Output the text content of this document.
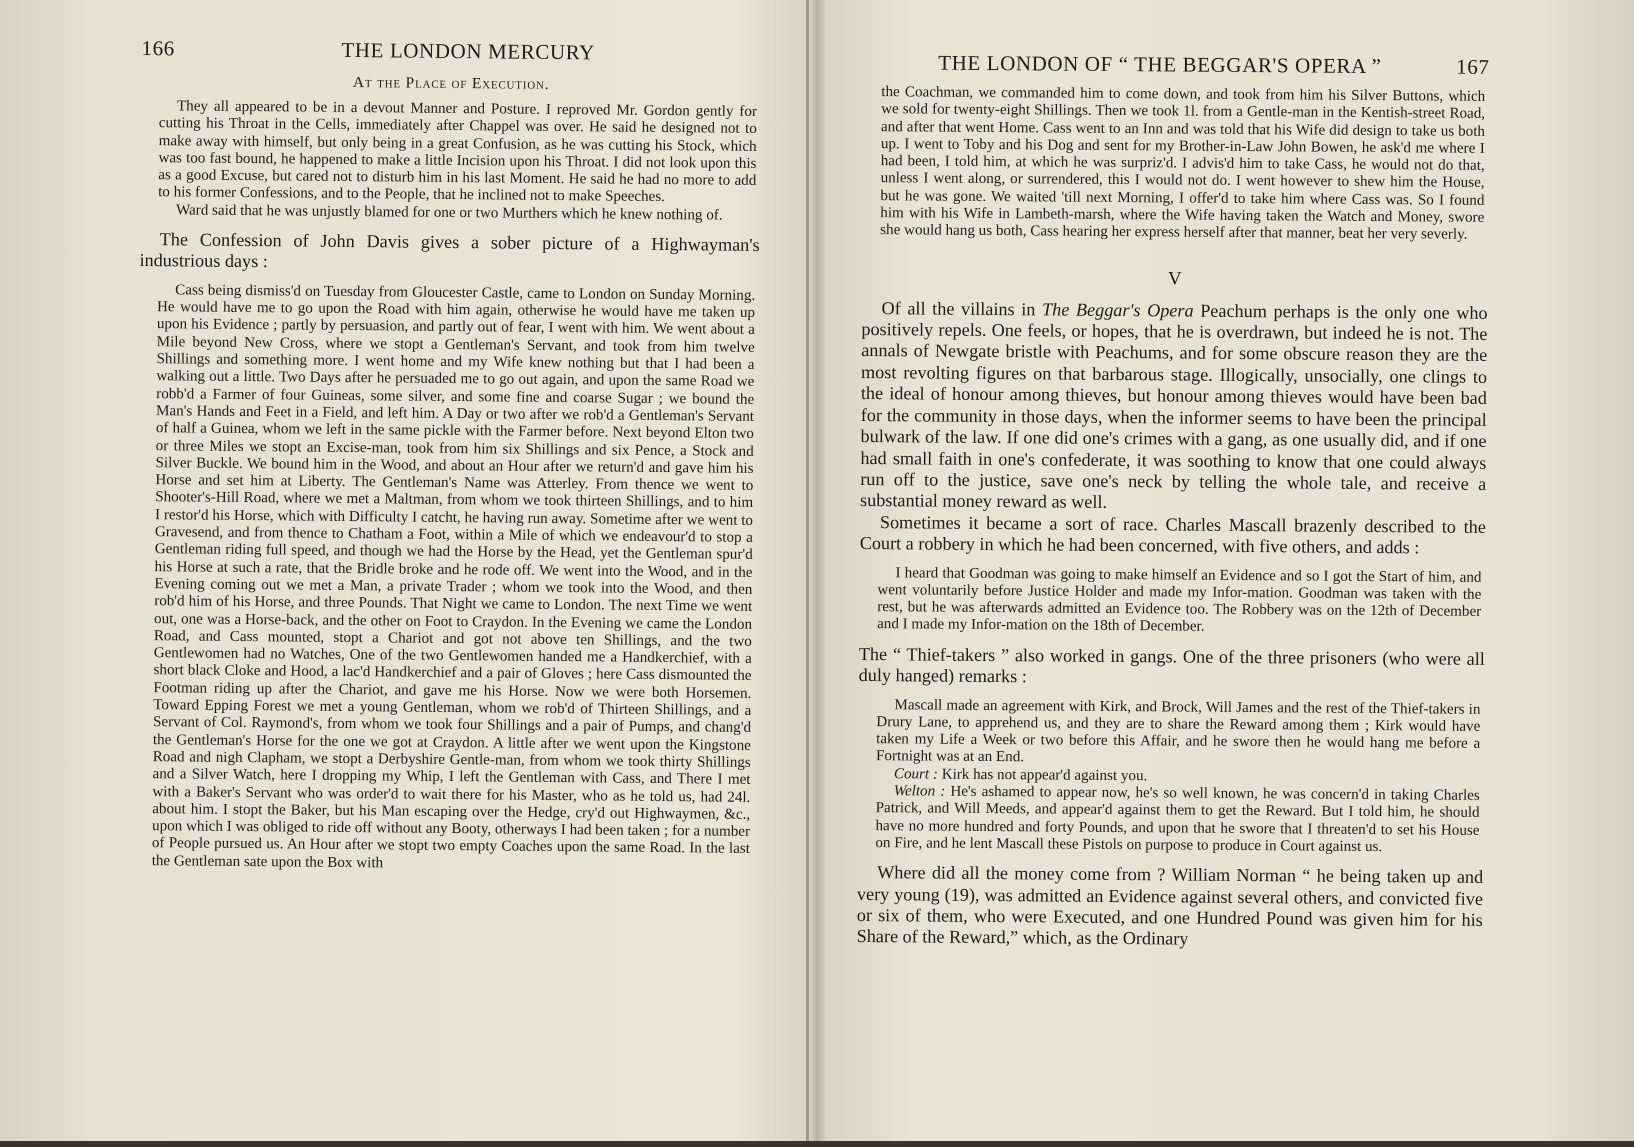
166	THE LONDON MERCURY
At the Place of Execution.

They all appeared to be in a devout Manner and Posture. I reproved Mr. Gordon gently for cutting his Throat in the Cells, immediately after Chappel was over. He said he designed not to make away with himself, but only being in a great Confusion, as he was cutting his Stock, which was too fast bound, he happened to make a little Incision upon his Throat. I did not look upon this as a good Excuse, but cared not to disturb him in his last Moment. He said he had no more to add to his former Confessions, and to the People, that he inclined not to make Speeches.

Ward said that he was unjustly blamed for one or two Murthers which he knew nothing of.

The Confession of John Davis gives a sober picture of a Highwayman's industrious days :

Cass being dismiss'd on Tuesday from Gloucester Castle, came to London on Sunday Morning. He would have me to go upon the Road with him again, otherwise he would have me taken up upon his Evidence ; partly by persuasion, and partly out of fear, I went with him. We went about a Mile beyond New Cross, where we stopt a Gentleman's Servant, and took from him twelve Shillings and something more. I went home and my Wife knew nothing but that I had been a walking out a little. Two Days after he persuaded me to go out again, and upon the same Road we robb'd a Farmer of four Guineas, some silver, and some fine and coarse Sugar ; we bound the Man's Hands and Feet in a Field, and left him. A Day or two after we rob'd a Gentleman's Servant of half a Guinea, whom we left in the same pickle with the Farmer before. Next beyond Elton two or three Miles we stopt an Excise-man, took from him six Shillings and six Pence, a Stock and Silver Buckle. We bound him in the Wood, and about an Hour after we return'd and gave him his Horse and set him at Liberty. The Gentleman's Name was Atterley. From thence we went to Shooter's-Hill Road, where we met a Maltman, from whom we took thirteen Shillings, and to him I restor'd his Horse, which with Difficulty I catcht, he having run away. Sometime after we went to Gravesend, and from thence to Chatham a Foot, within a Mile of which we endeavour'd to stop a Gentleman riding full speed, and though we had the Horse by the Head, yet the Gentleman spur'd his Horse at such a rate, that the Bridle broke and he rode off. We went into the Wood, and in the Evening coming out we met a Man, a private Trader ; whom we took into the Wood, and then rob'd him of his Horse, and three Pounds. That Night we came to London. The next Time we went out, one was a Horse-back, and the other on Foot to Craydon. In the Evening we came the London Road, and Cass mounted, stopt a Chariot and got not above ten Shillings, and the two Gentlewomen had no Watches, One of the two Gentlewomen handed me a Handkerchief, with a short black Cloke and Hood, a lac'd Handkerchief and a pair of Gloves ; here Cass dismounted the Footman riding up after the Chariot, and gave me his Horse. Now we were both Horsemen. Toward Epping Forest we met a young Gentleman, whom we rob'd of Thirteen Shillings, and a Servant of Col. Raymond's, from whom we took four Shillings and a pair of Pumps, and chang'd the Gentleman's Horse for the one we got at Craydon. A little after we went upon the Kingstone Road and nigh Clapham, we stopt a Derbyshire Gentle-man, from whom we took thirty Shillings and a Silver Watch, here I dropping my Whip, I left the Gentleman with Cass, and There I met with a Baker's Servant who was order'd to wait there for his Master, who as he told us, had 24l. about him. I stopt the Baker, but his Man escaping over the Hedge, cry'd out Highwaymen, &c., upon which I was obliged to ride off without any Booty, otherways I had been taken ; for a number of People pursued us. An Hour after we stopt two empty Coaches upon the same Road. In the last the Gentleman sate upon the Box with

THE LONDON OF “ THE BEGGAR'S OPERA ”	167

the Coachman, we commanded him to come down, and took from him his Silver Buttons, which we sold for twenty-eight Shillings. Then we took 1l. from a Gentle-man in the Kentish-street Road, and after that went Home. Cass went to an Inn and was told that his Wife did design to take us both up. I went to Toby and his Dog and sent for my Brother-in-Law John Bowen, he ask'd me where I had been, I told him, at which he was surpriz'd. I advis'd him to take Cass, he would not do that, unless I went along, or surrendered, this I would not do. I went however to shew him the House, but he was gone. We waited 'till next Morning, I offer'd to take him where Cass was. So I found him with his Wife in Lambeth-marsh, where the Wife having taken the Watch and Money, swore she would hang us both, Cass hearing her express herself after that manner, beat her very severly.

V

Of all the villains in The Beggar's Opera Peachum perhaps is the only one who positively repels. One feels, or hopes, that he is overdrawn, but indeed he is not. The annals of Newgate bristle with Peachums, and for some obscure reason they are the most revolting figures on that barbarous stage. Illogically, unsocially, one clings to the ideal of honour among thieves, but honour among thieves would have been bad for the community in those days, when the informer seems to have been the principal bulwark of the law. If one did one's crimes with a gang, as one usually did, and if one had small faith in one's confederate, it was soothing to know that one could always run off to the justice, save one's neck by telling the whole tale, and receive a substantial money reward as well.

Sometimes it became a sort of race. Charles Mascall brazenly described to the Court a robbery in which he had been concerned, with five others, and adds :

I heard that Goodman was going to make himself an Evidence and so I got the Start of him, and went voluntarily before Justice Holder and made my Infor-mation. Goodman was taken with the rest, but he was afterwards admitted an Evidence too. The Robbery was on the 12th of December and I made my Infor-mation on the 18th of December.

The “ Thief-takers ” also worked in gangs. One of the three prisoners (who were all duly hanged) remarks :

Mascall made an agreement with Kirk, and Brock, Will James and the rest of the Thief-takers in Drury Lane, to apprehend us, and they are to share the Reward among them ; Kirk would have taken my Life a Week or two before this Affair, and he swore then he would hang me before a Fortnight was at an End.

Court : Kirk has not appear'd against you.

Welton : He's ashamed to appear now, he's so well known, he was concern'd in taking Charles Patrick, and Will Meeds, and appear'd against them to get the Reward. But I told him, he should have no more hundred and forty Pounds, and upon that he swore that I threaten'd to set his House on Fire, and he lent Mascall these Pistols on purpose to produce in Court against us.

Where did all the money come from ? William Norman “ he being taken up and very young (19), was admitted an Evidence against several others, and convicted five or six of them, who were Executed, and one Hundred Pound was given him for his Share of the Reward,” which, as the Ordinary
